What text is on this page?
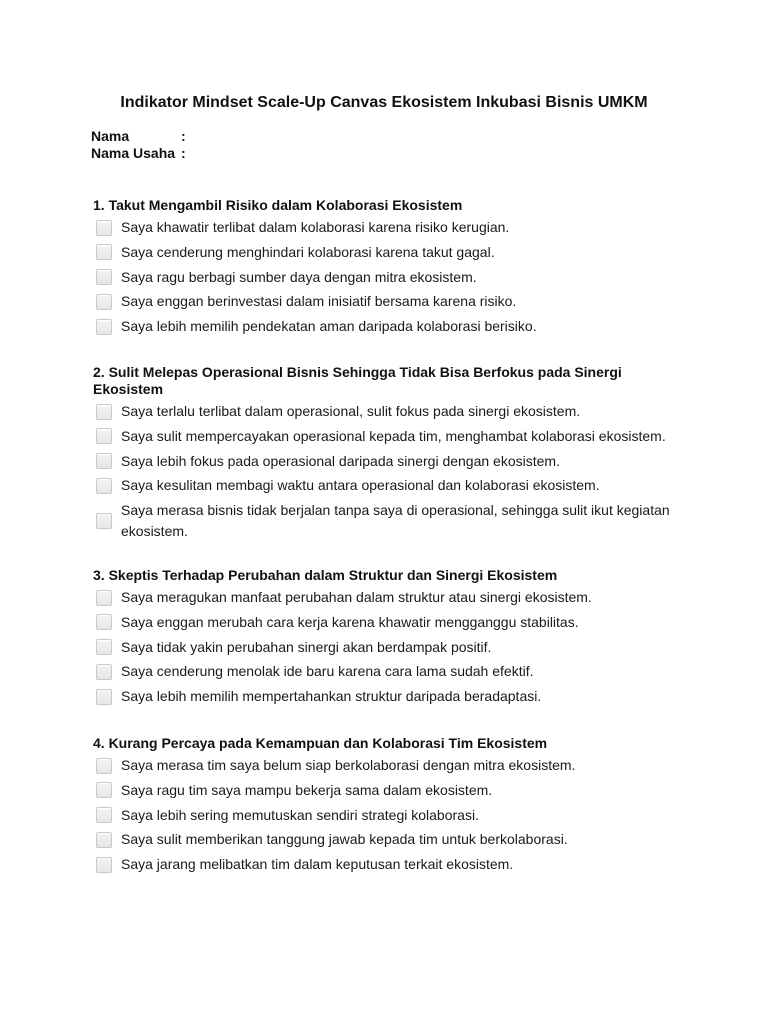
Indikator Mindset Scale-Up Canvas Ekosistem Inkubasi Bisnis UMKM
Nama	:
Nama Usaha :
1. Takut Mengambil Risiko dalam Kolaborasi Ekosistem
Saya khawatir terlibat dalam kolaborasi karena risiko kerugian.
Saya cenderung menghindari kolaborasi karena takut gagal.
Saya ragu berbagi sumber daya dengan mitra ekosistem.
Saya enggan berinvestasi dalam inisiatif bersama karena risiko.
Saya lebih memilih pendekatan aman daripada kolaborasi berisiko.
2. Sulit Melepas Operasional Bisnis Sehingga Tidak Bisa Berfokus pada Sinergi Ekosistem
Saya terlalu terlibat dalam operasional, sulit fokus pada sinergi ekosistem.
Saya sulit mempercayakan operasional kepada tim, menghambat kolaborasi ekosistem.
Saya lebih fokus pada operasional daripada sinergi dengan ekosistem.
Saya kesulitan membagi waktu antara operasional dan kolaborasi ekosistem.
Saya merasa bisnis tidak berjalan tanpa saya di operasional, sehingga sulit ikut kegiatan ekosistem.
3. Skeptis Terhadap Perubahan dalam Struktur dan Sinergi Ekosistem
Saya meragukan manfaat perubahan dalam struktur atau sinergi ekosistem.
Saya enggan merubah cara kerja karena khawatir mengganggu stabilitas.
Saya tidak yakin perubahan sinergi akan berdampak positif.
Saya cenderung menolak ide baru karena cara lama sudah efektif.
Saya lebih memilih mempertahankan struktur daripada beradaptasi.
4. Kurang Percaya pada Kemampuan dan Kolaborasi Tim Ekosistem
Saya merasa tim saya belum siap berkolaborasi dengan mitra ekosistem.
Saya ragu tim saya mampu bekerja sama dalam ekosistem.
Saya lebih sering memutuskan sendiri strategi kolaborasi.
Saya sulit memberikan tanggung jawab kepada tim untuk berkolaborasi.
Saya jarang melibatkan tim dalam keputusan terkait ekosistem.
